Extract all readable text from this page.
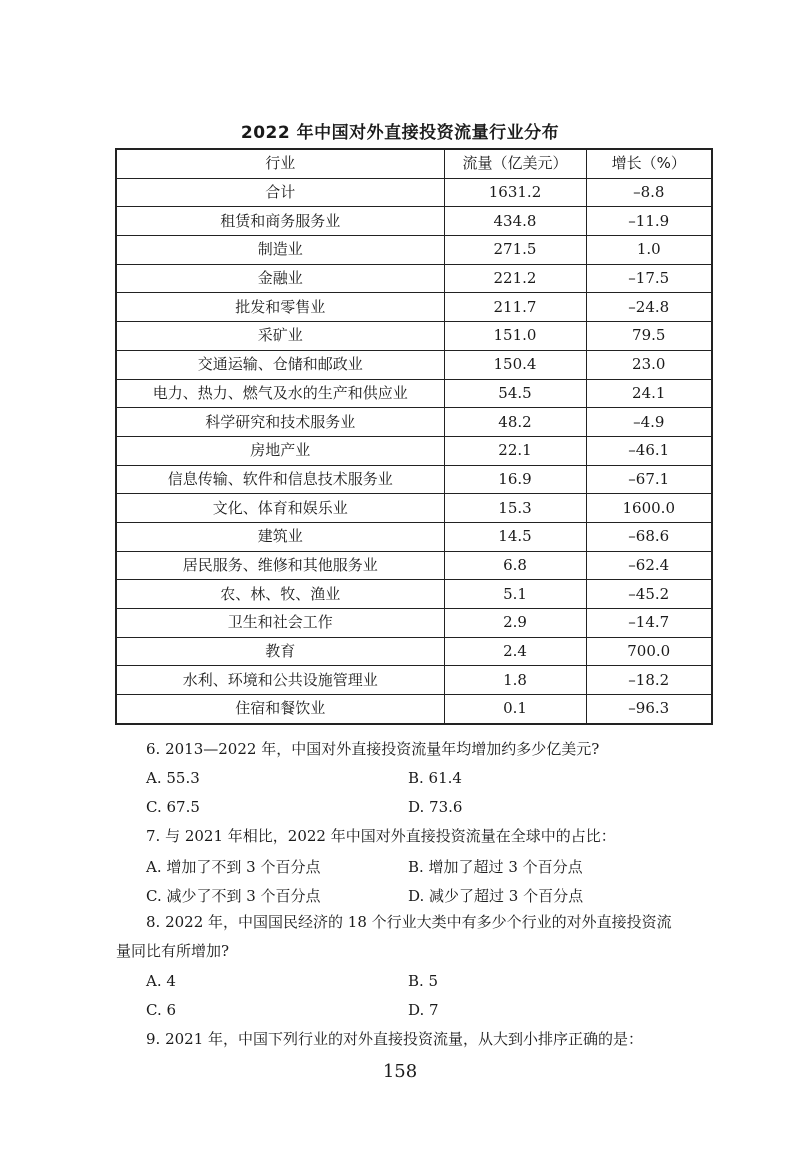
2022 年中国对外直接投资流量行业分布
行业	流量（亿美元）	增长（%）
合计	1631.2	–8.8
租赁和商务服务业	434.8	–11.9
制造业	271.5	1.0
金融业	221.2	–17.5
批发和零售业	211.7	–24.8
采矿业	151.0	79.5
交通运输、仓储和邮政业	150.4	23.0
电力、热力、燃气及水的生产和供应业	54.5	24.1
科学研究和技术服务业	48.2	–4.9
房地产业	22.1	–46.1
信息传输、软件和信息技术服务业	16.9	–67.1
文化、体育和娱乐业	15.3	1600.0
建筑业	14.5	–68.6
居民服务、维修和其他服务业	6.8	–62.4
农、林、牧、渔业	5.1	–45.2
卫生和社会工作	2.9	–14.7
教育	2.4	700.0
水利、环境和公共设施管理业	1.8	–18.2
住宿和餐饮业	0.1	–96.3
6. 2013—2022 年，中国对外直接投资流量年均增加约多少亿美元?
A. 55.3	B. 61.4
C. 67.5	D. 73.6
7. 与 2021 年相比，2022 年中国对外直接投资流量在全球中的占比：
A. 增加了不到 3 个百分点	B. 增加了超过 3 个百分点
C. 减少了不到 3 个百分点	D. 减少了超过 3 个百分点
8. 2022 年，中国国民经济的 18 个行业大类中有多少个行业的对外直接投资流量同比有所增加?
A. 4	B. 5
C. 6	D. 7
9. 2021 年，中国下列行业的对外直接投资流量，从大到小排序正确的是：
158
